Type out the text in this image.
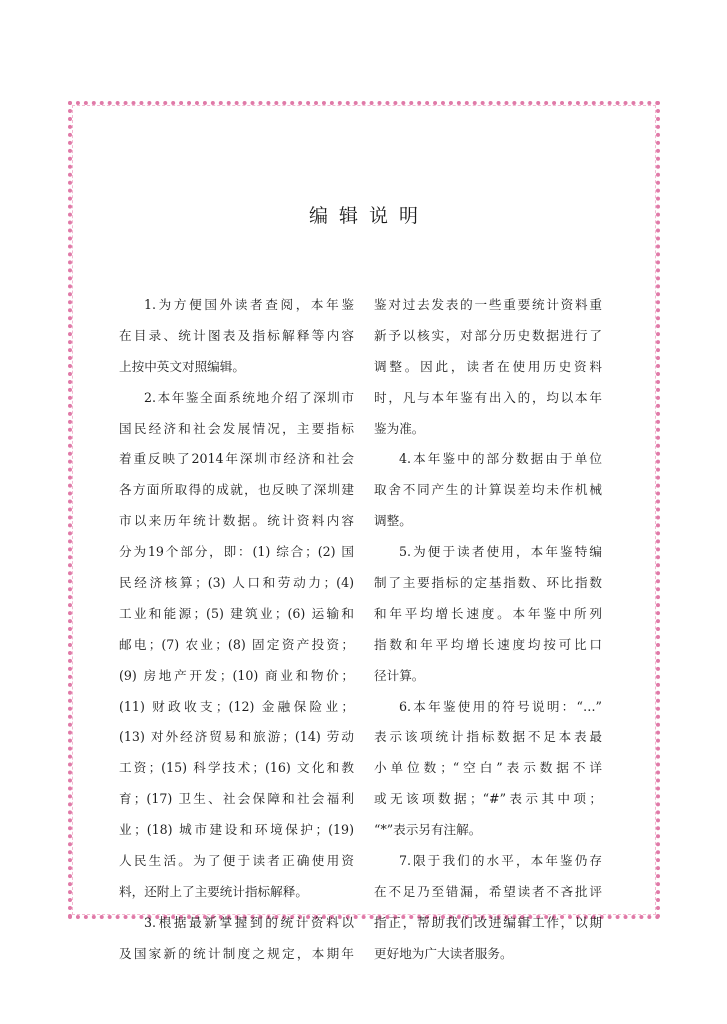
编辑说明
1.为方便国外读者查阅，本年鉴
在目录、统计图表及指标解释等内容
上按中英文对照编辑。
2.本年鉴全面系统地介绍了深圳市
国民经济和社会发展情况，主要指标
着重反映了2014年深圳市经济和社会
各方面所取得的成就，也反映了深圳建
市以来历年统计数据。统计资料内容
分为19个部分，即：(1) 综合；(2) 国
民经济核算；(3) 人口和劳动力；(4)
工业和能源；(5) 建筑业；(6) 运输和
邮电；(7) 农业；(8) 固定资产投资；
(9) 房地产开发；(10) 商业和物价；
(11) 财政收支；(12) 金融保险业；
(13) 对外经济贸易和旅游；(14) 劳动
工资；(15) 科学技术；(16) 文化和教
育；(17) 卫生、社会保障和社会福利
业；(18) 城市建设和环境保护；(19)
人民生活。为了便于读者正确使用资
料，还附上了主要统计指标解释。
3.根据最新掌握到的统计资料以
及国家新的统计制度之规定，本期年
鉴对过去发表的一些重要统计资料重
新予以核实，对部分历史数据进行了
调整。因此，读者在使用历史资料
时，凡与本年鉴有出入的，均以本年
鉴为准。
4.本年鉴中的部分数据由于单位
取舍不同产生的计算误差均未作机械
调整。
5.为便于读者使用，本年鉴特编
制了主要指标的定基指数、环比指数
和年平均增长速度。本年鉴中所列
指数和年平均增长速度均按可比口
径计算。
6.本年鉴使用的符号说明：“…”
表示该项统计指标数据不足本表最
小单位数；“空白”表示数据不详
或无该项数据；“#”表示其中项；
“*”表示另有注解。
7.限于我们的水平，本年鉴仍存
在不足乃至错漏，希望读者不吝批评
指正，帮助我们改进编辑工作，以期
更好地为广大读者服务。
